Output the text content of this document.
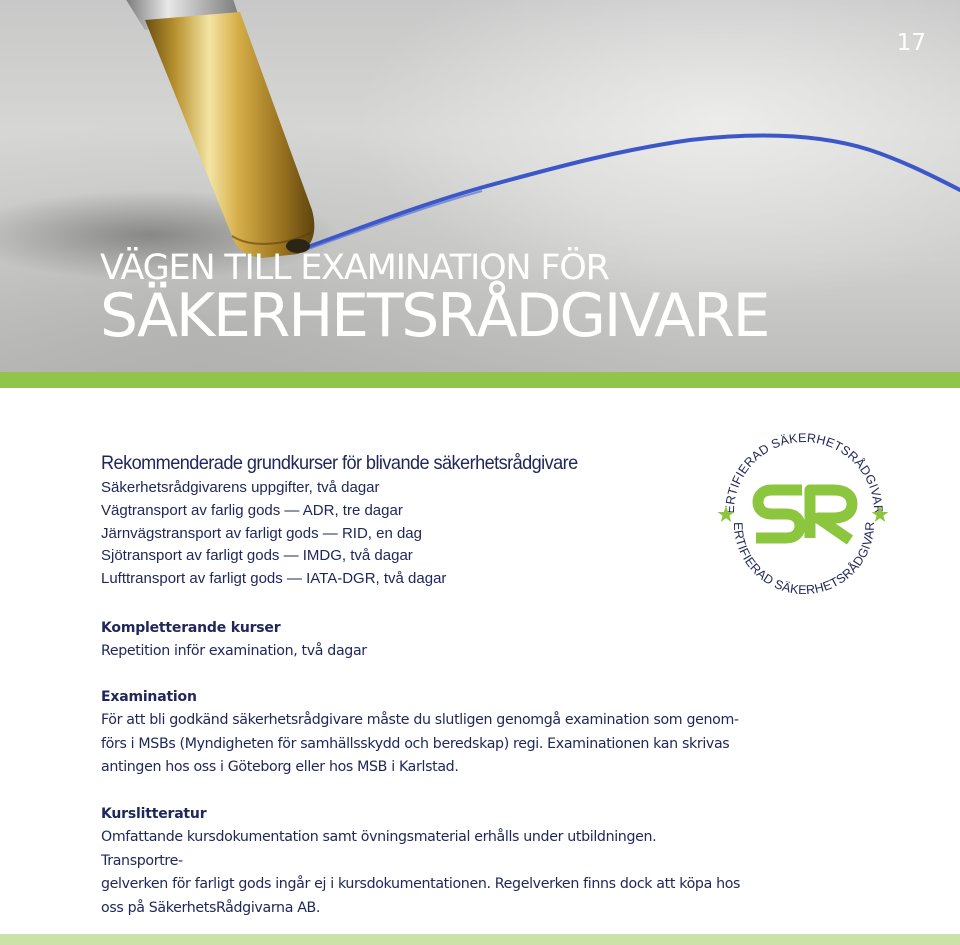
17
VÄGEN TILL EXAMINATION FÖR
SÄKERHETSRÅDGIVARE
Rekommenderade grundkurser för blivande säkerhetsrådgivare
Säkerhetsrådgivarens uppgifter, två dagar
Vägtransport av farlig gods — ADR, tre dagar
Järnvägstransport av farligt gods — RID, en dag
Sjötransport av farligt gods — IMDG, två dagar
Lufttransport av farligt gods — IATA-DGR, två dagar
Kompletterande kurser
Repetition inför examination, två dagar
Examination
För att bli godkänd säkerhetsrådgivare måste du slutligen genomgå examination som genom-
förs i MSBs (Myndigheten för samhällsskydd och beredskap) regi. Examinationen kan skrivas
antingen hos oss i Göteborg eller hos MSB i Karlstad.
Kurslitteratur
Omfattande kursdokumentation samt övningsmaterial erhålls under utbildningen. Transportre-
gelverken för farligt gods ingår ej i kursdokumentationen. Regelverken finns dock att köpa hos
oss på SäkerhetsRådgivarna AB.
ERTIFIERAD SÄKERHETSRÅDGIVAR
ERTIFIERAD SÄKERHETSRÅDGIVAR
